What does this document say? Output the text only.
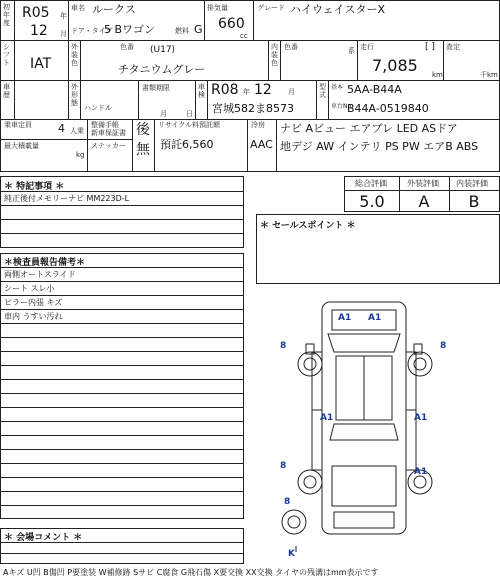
初年度
R05 年
12 月
車名 ルークス
ドア・タイプ
5 Bワゴン	燃料 G
排気量
660
cc
グレード ハイウェイスターX
シフト IAT
外装色
色番 (U17)
チタニウムグレー
内装色
色番	系 走行	[ ]
7,085 km
査定
千km
車歴
外形態
ハンドル
書類期限
月	日
車検 R08 年 12 月
宮城582ま8573
型式
基本 5AA-B44A
車台No.
B44A-0519840
乗車定員 4 人乗
最大積載量
kg
整備手帳
新車保証書
ステッカー
後
無
リサイクル料預託額
預託6,560
冷房
AAC
ナビ Aビュー エアブレ LED ASドア
地デジ AW インテリ PS PW エアB ABS
＊ 特記事項 ＊
純正後付メモリーナビ MM223D-L
総合評価	外装評価 内装評価
5.0	A	B
＊ セールスポイント ＊
＊検査員報告備考＊
両側オートスライド
シート スレ小
ピラー内張 キズ
車内 うすい汚れ
＊ 会場コメント ＊
A1 A1
8	8
A1	A1
A1
8
8
K
Aキズ U凹 B傷凹 P要塗装 W補修跡 Sサビ C腐食 G飛石傷 X要交換 XX交換 タイヤの残溝はmm表示です
